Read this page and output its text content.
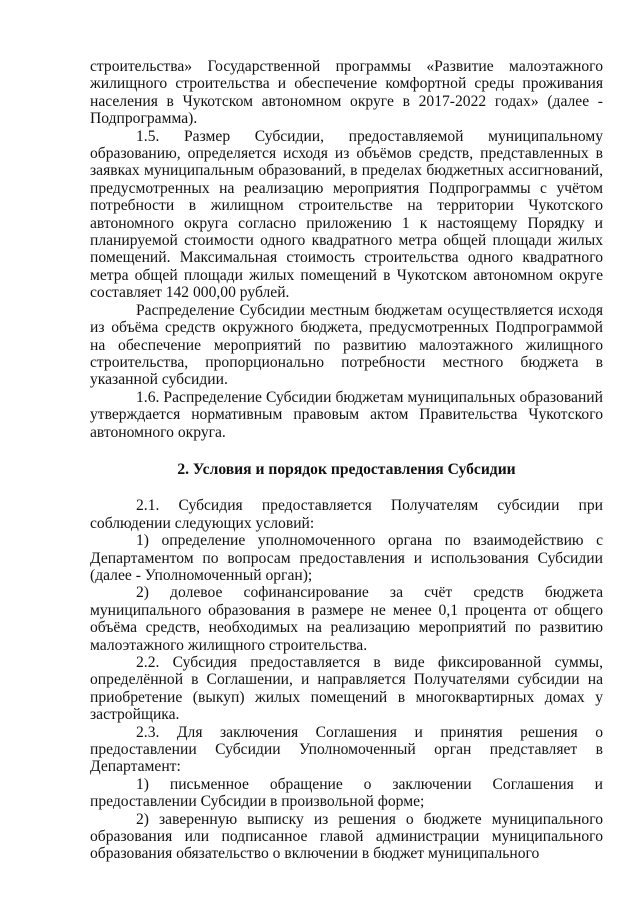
строительства» Государственной программы «Развитие малоэтажного жилищного строительства и обеспечение комфортной среды проживания населения в Чукотском автономном округе в 2017-2022 годах» (далее - Подпрограмма).

1.5. Размер Субсидии, предоставляемой муниципальному образованию, определяется исходя из объёмов средств, представленных в заявках муниципальным образований, в пределах бюджетных ассигнований, предусмотренных на реализацию мероприятия Подпрограммы с учётом потребности в жилищном строительстве на территории Чукотского автономного округа согласно приложению 1 к настоящему Порядку и планируемой стоимости одного квадратного метра общей площади жилых помещений. Максимальная стоимость строительства одного квадратного метра общей площади жилых помещений в Чукотском автономном округе составляет 142 000,00 рублей.

Распределение Субсидии местным бюджетам осуществляется исходя из объёма средств окружного бюджета, предусмотренных Подпрограммой на обеспечение мероприятий по развитию малоэтажного жилищного строительства, пропорционально потребности местного бюджета в указанной субсидии.

1.6. Распределение Субсидии бюджетам муниципальных образований утверждается нормативным правовым актом Правительства Чукотского автономного округа.

2. Условия и порядок предоставления Субсидии

2.1. Субсидия предоставляется Получателям субсидии при соблюдении следующих условий:

1) определение уполномоченного органа по взаимодействию с Департаментом по вопросам предоставления и использования Субсидии (далее - Уполномоченный орган);

2) долевое софинансирование за счёт средств бюджета муниципального образования в размере не менее 0,1 процента от общего объёма средств, необходимых на реализацию мероприятий по развитию малоэтажного жилищного строительства.

2.2. Субсидия предоставляется в виде фиксированной суммы, определённой в Соглашении, и направляется Получателями субсидии на приобретение (выкуп) жилых помещений в многоквартирных домах у застройщика.

2.3. Для заключения Соглашения и принятия решения о предоставлении Субсидии Уполномоченный орган представляет в Департамент:

1) письменное обращение о заключении Соглашения и предоставлении Субсидии в произвольной форме;

2) заверенную выписку из решения о бюджете муниципального образования или подписанное главой администрации муниципального образования обязательство о включении в бюджет муниципального
